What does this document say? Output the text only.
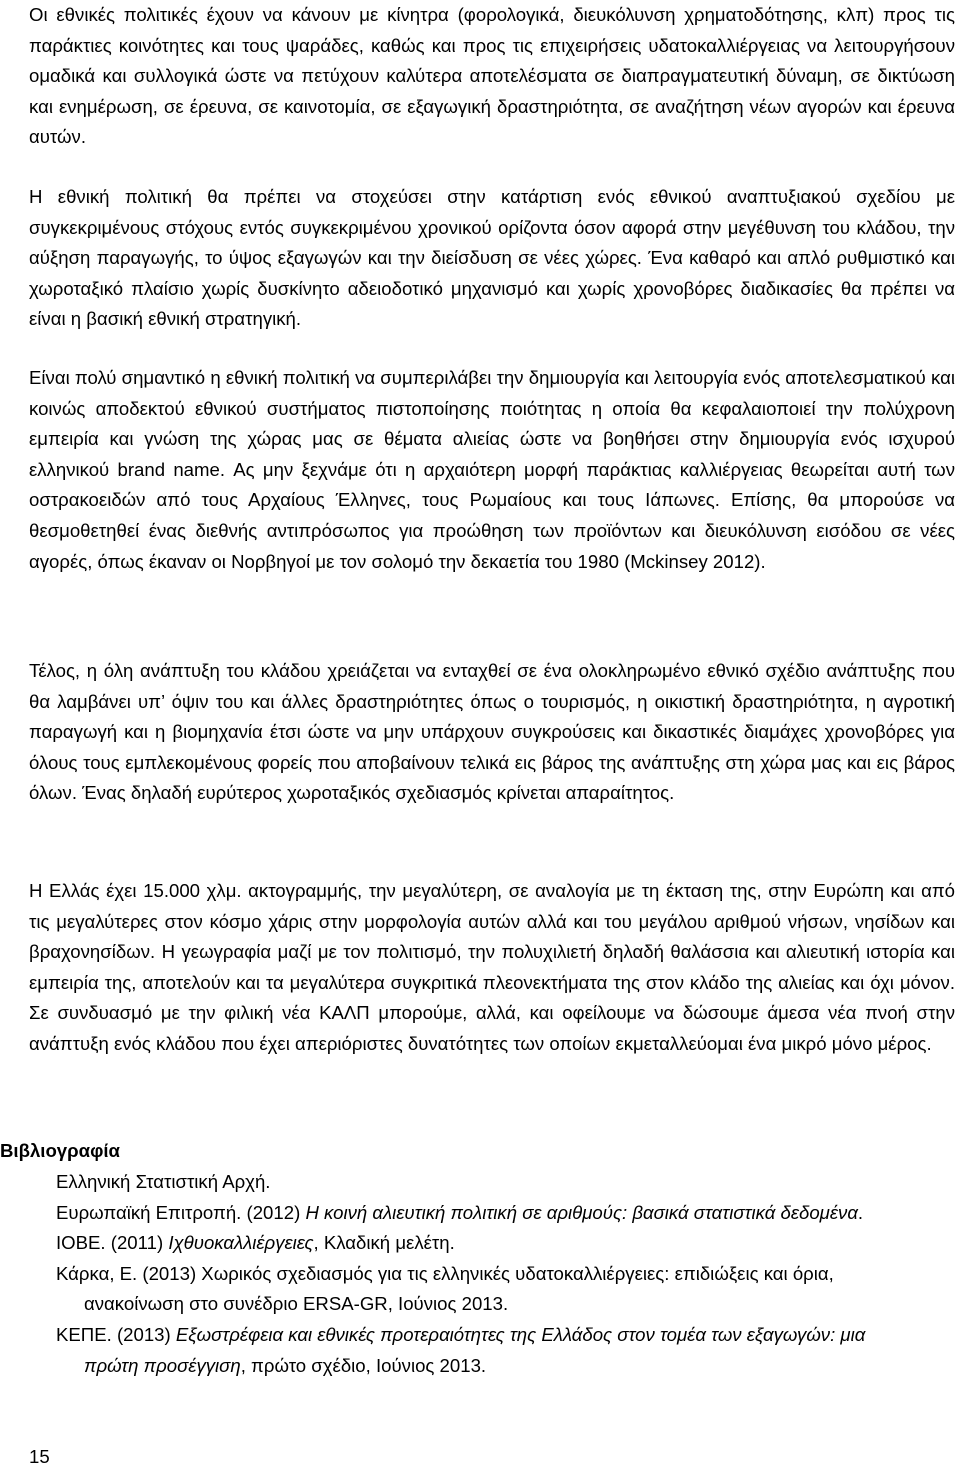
Οι εθνικές πολιτικές έχουν να κάνουν με κίνητρα (φορολογικά, διευκόλυνση χρηματοδότησης, κλπ) προς τις παράκτιες κοινότητες και τους ψαράδες, καθώς και προς τις επιχειρήσεις υδατοκαλλιέργειας να λειτουργήσουν ομαδικά και συλλογικά ώστε να πετύχουν καλύτερα αποτελέσματα σε διαπραγματευτική δύναμη, σε δικτύωση και ενημέρωση, σε έρευνα, σε καινοτομία, σε εξαγωγική δραστηριότητα, σε αναζήτηση νέων αγορών και έρευνα αυτών.

Η εθνική πολιτική θα πρέπει να στοχεύσει στην κατάρτιση ενός εθνικού αναπτυξιακού σχεδίου με συγκεκριμένους στόχους εντός συγκεκριμένου χρονικού ορίζοντα όσον αφορά στην μεγέθυνση του κλάδου, την αύξηση παραγωγής, το ύψος εξαγωγών και την διείσδυση σε νέες χώρες. Ένα καθαρό και απλό ρυθμιστικό και χωροταξικό πλαίσιο χωρίς δυσκίνητο αδειοδοτικό μηχανισμό και χωρίς χρονοβόρες διαδικασίες θα πρέπει να είναι η βασική εθνική στρατηγική.

Είναι πολύ σημαντικό η εθνική πολιτική να συμπεριλάβει την δημιουργία και λειτουργία ενός αποτελεσματικού και κοινώς αποδεκτού εθνικού συστήματος πιστοποίησης ποιότητας η οποία θα κεφαλαιοποιεί την πολύχρονη εμπειρία και γνώση της χώρας μας σε θέματα αλιείας ώστε να βοηθήσει στην δημιουργία ενός ισχυρού ελληνικού brand name. Ας μην ξεχνάμε ότι η αρχαιότερη μορφή παράκτιας καλλιέργειας θεωρείται αυτή των οστρακοειδών από τους Αρχαίους Έλληνες, τους Ρωμαίους και τους Ιάπωνες. Επίσης, θα μπορούσε να θεσμοθετηθεί ένας διεθνής αντιπρόσωπος για προώθηση των προϊόντων και διευκόλυνση εισόδου σε νέες αγορές, όπως έκαναν οι Νορβηγοί με τον σολομό την δεκαετία του 1980 (Mckinsey 2012).

Τέλος, η όλη ανάπτυξη του κλάδου χρειάζεται να ενταχθεί σε ένα ολοκληρωμένο εθνικό σχέδιο ανάπτυξης που θα λαμβάνει υπ’ όψιν του και άλλες δραστηριότητες όπως ο τουρισμός, η οικιστική δραστηριότητα, η αγροτική παραγωγή και η βιομηχανία έτσι ώστε να μην υπάρχουν συγκρούσεις και δικαστικές διαμάχες χρονοβόρες για όλους τους εμπλεκομένους φορείς που αποβαίνουν τελικά εις βάρος της ανάπτυξης στη χώρα μας και εις βάρος όλων. Ένας δηλαδή ευρύτερος χωροταξικός σχεδιασμός κρίνεται απαραίτητος.

Η Ελλάς έχει 15.000 χλμ. ακτογραμμής, την μεγαλύτερη, σε αναλογία με τη έκταση της, στην Ευρώπη και από τις μεγαλύτερες στον κόσμο χάρις στην μορφολογία αυτών αλλά και του μεγάλου αριθμού νήσων, νησίδων και βραχονησίδων. Η γεωγραφία μαζί με τον πολιτισμό, την πολυχιλιετή δηλαδή θαλάσσια και αλιευτική ιστορία και εμπειρία της, αποτελούν και τα μεγαλύτερα συγκριτικά πλεονεκτήματα της στον κλάδο της αλιείας και όχι μόνον. Σε συνδυασμό με την φιλική νέα ΚΑΛΠ μπορούμε, αλλά, και οφείλουμε να δώσουμε άμεσα νέα πνοή στην ανάπτυξη ενός κλάδου που έχει απεριόριστες δυνατότητες των οποίων εκμεταλλεύομαι ένα μικρό μόνο μέρος.

Βιβλιογραφία
Ελληνική Στατιστική Αρχή.
Ευρωπαϊκή Επιτροπή. (2012) Η κοινή αλιευτική πολιτική σε αριθμούς: βασικά στατιστικά δεδομένα.
ΙΟΒΕ. (2011) Ιχθυοκαλλιέργειες, Κλαδική μελέτη.
Κάρκα, Ε. (2013) Χωρικός σχεδιασμός για τις ελληνικές υδατοκαλλιέργειες: επιδιώξεις και όρια,
ανακοίνωση στο συνέδριο ERSA-GR, Ιούνιος 2013.
ΚΕΠΕ. (2013) Εξωστρέφεια και εθνικές προτεραιότητες της Ελλάδος στον τομέα των εξαγωγών: μια
πρώτη προσέγγιση, πρώτο σχέδιο, Ιούνιος 2013.
15
